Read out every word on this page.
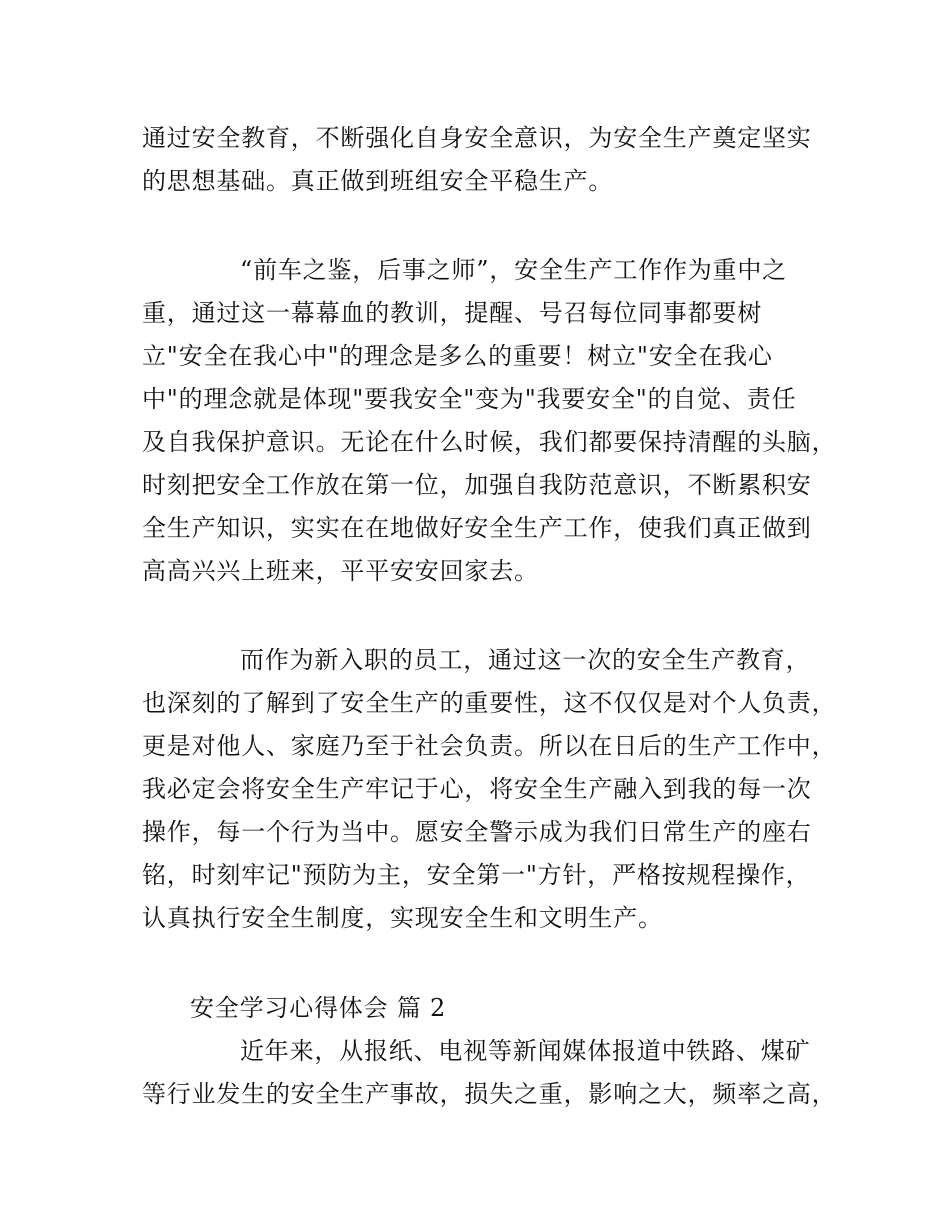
通过安全教育，不断强化自身安全意识，为安全生产奠定坚实
的思想基础。真正做到班组安全平稳生产。
“前车之鉴，后事之师”，安全生产工作作为重中之
重，通过这一幕幕血的教训，提醒、号召每位同事都要树
立"安全在我心中"的理念是多么的重要！树立"安全在我心
中"的理念就是体现"要我安全"变为"我要安全"的自觉、责任
及自我保护意识。无论在什么时候，我们都要保持清醒的头脑，
时刻把安全工作放在第一位，加强自我防范意识，不断累积安
全生产知识，实实在在地做好安全生产工作，使我们真正做到
高高兴兴上班来，平平安安回家去。
而作为新入职的员工，通过这一次的安全生产教育，
也深刻的了解到了安全生产的重要性，这不仅仅是对个人负责，
更是对他人、家庭乃至于社会负责。所以在日后的生产工作中，
我必定会将安全生产牢记于心，将安全生产融入到我的每一次
操作，每一个行为当中。愿安全警示成为我们日常生产的座右
铭，时刻牢记"预防为主，安全第一"方针，严格按规程操作，
认真执行安全生制度，实现安全生和文明生产。
安全学习心得体会 篇 2
近年来，从报纸、电视等新闻媒体报道中铁路、煤矿
等行业发生的安全生产事故，损失之重，影响之大，频率之高，
